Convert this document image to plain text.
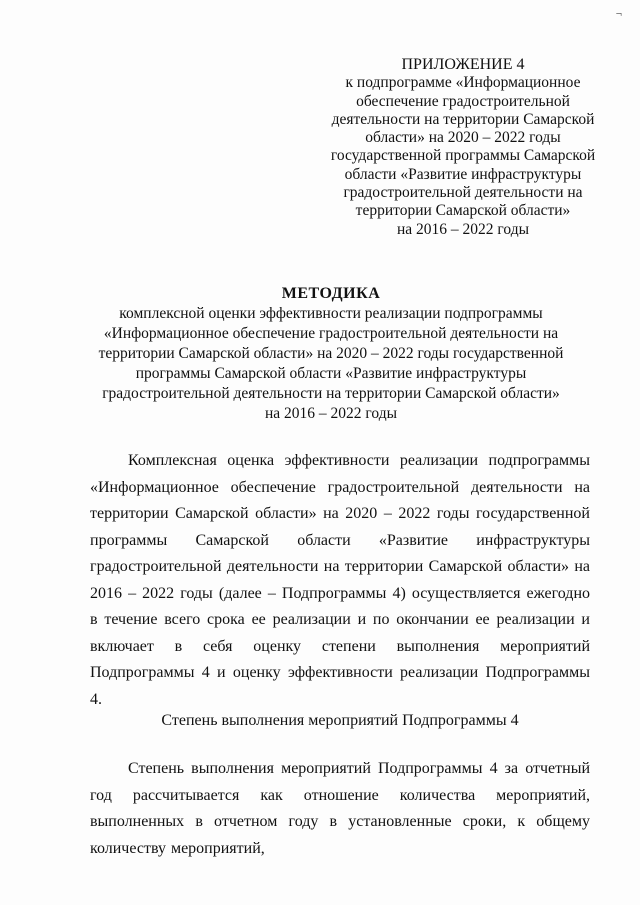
¬

ПРИЛОЖЕНИЕ 4

к подпрограмме «Информационное

обеспечение градостроительной

деятельности на территории Самарской

области» на 2020 – 2022 годы

государственной программы Самарской

области «Развитие инфраструктуры

градостроительной деятельности на

территории Самарской области»

на 2016 – 2022 годы

МЕТОДИКА

комплексной оценки эффективности реализации подпрограммы

«Информационное обеспечение градостроительной деятельности на

территории Самарской области» на 2020 – 2022 годы государственной

программы Самарской области «Развитие инфраструктуры

градостроительной деятельности на территории Самарской области»

на 2016 – 2022 годы

Комплексная оценка эффективности реализации подпрограммы «Информационное обеспечение градостроительной деятельности на территории Самарской области» на 2020 – 2022 годы государственной программы Самарской области «Развитие инфраструктуры градостроительной деятельности на территории Самарской области» на 2016 – 2022 годы (далее – Подпрограммы 4) осуществляется ежегодно в течение всего срока ее реализации и по окончании ее реализации и включает в себя оценку степени выполнения мероприятий Подпрограммы 4 и оценку эффективности реализации Подпрограммы 4.

Степень выполнения мероприятий Подпрограммы 4

Степень выполнения мероприятий Подпрограммы 4 за отчетный год рассчитывается как отношение количества мероприятий, выполненных в отчетном году в установленные сроки, к общему количеству мероприятий,
